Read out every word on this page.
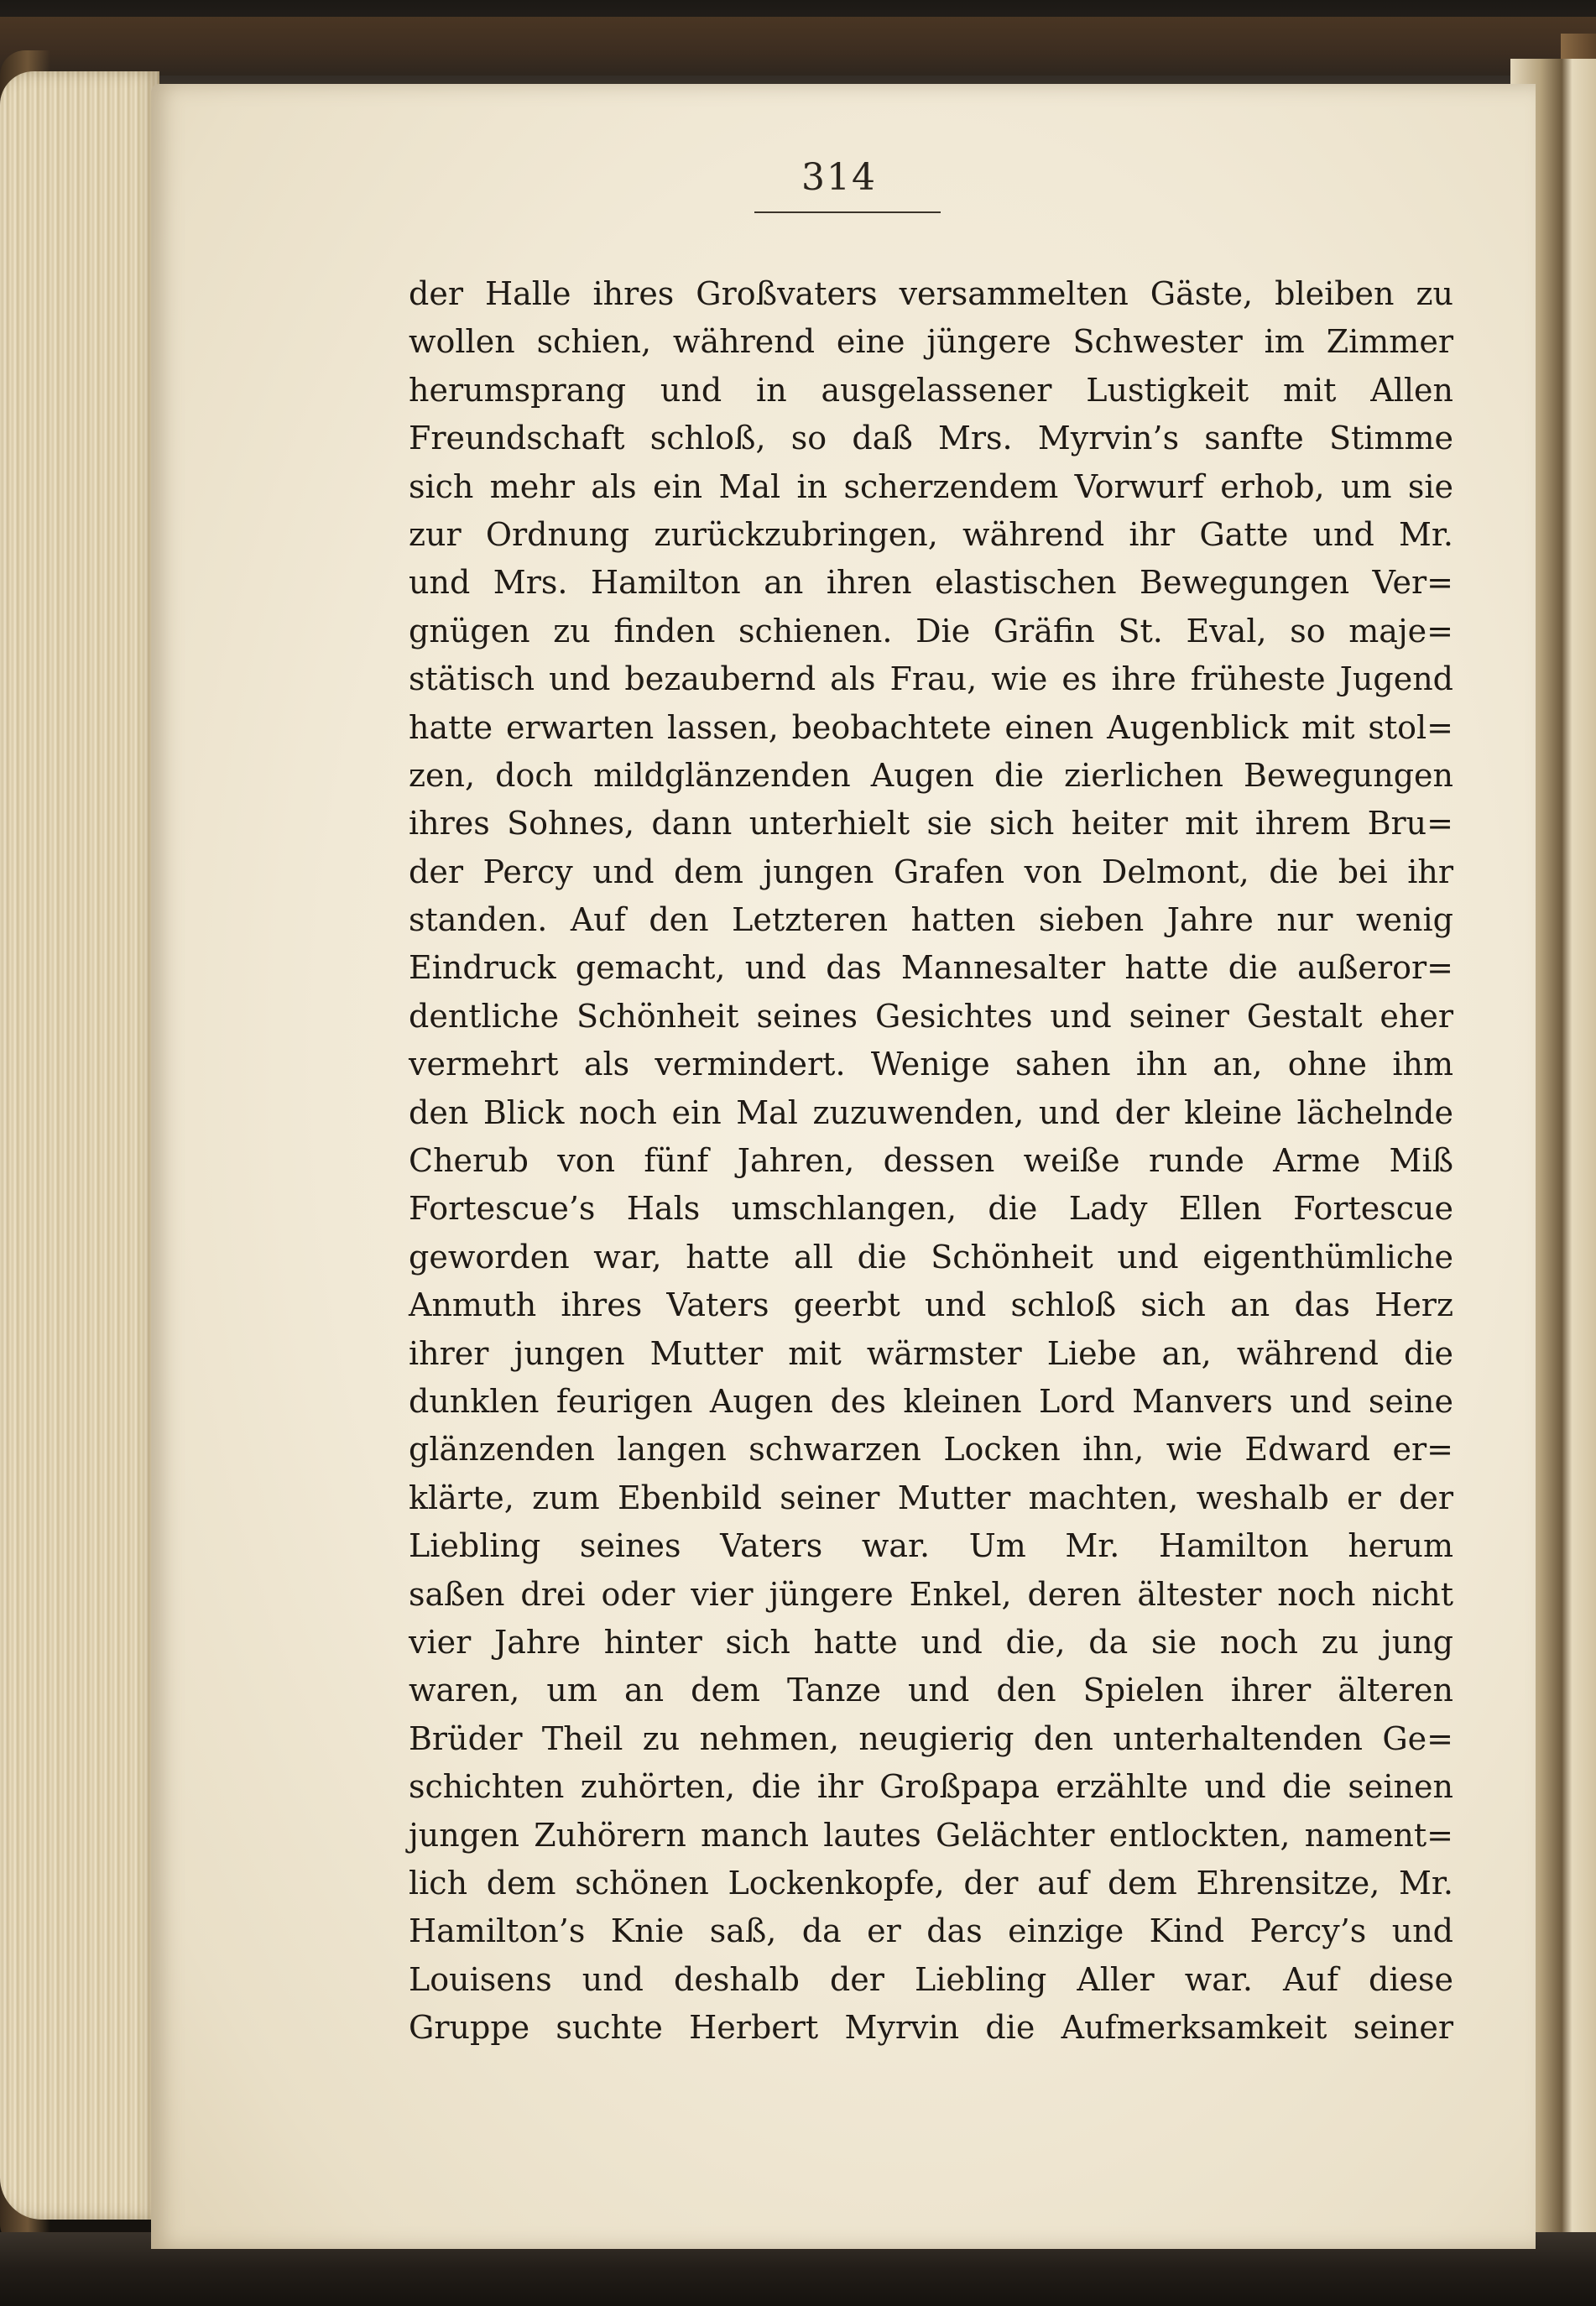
314
der Halle ihres Großvaters versammelten Gäste, bleiben zu
wollen schien, während eine jüngere Schwester im Zimmer
herumsprang und in ausgelassener Lustigkeit mit Allen
Freundschaft schloß, so daß Mrs. Myrvin’s sanfte Stimme
sich mehr als ein Mal in scherzendem Vorwurf erhob, um sie
zur Ordnung zurückzubringen, während ihr Gatte und Mr.
und Mrs. Hamilton an ihren elastischen Bewegungen Ver=
gnügen zu finden schienen. Die Gräfin St. Eval, so maje=
stätisch und bezaubernd als Frau, wie es ihre früheste Jugend
hatte erwarten lassen, beobachtete einen Augenblick mit stol=
zen, doch mildglänzenden Augen die zierlichen Bewegungen
ihres Sohnes, dann unterhielt sie sich heiter mit ihrem Bru=
der Percy und dem jungen Grafen von Delmont, die bei ihr
standen. Auf den Letzteren hatten sieben Jahre nur wenig
Eindruck gemacht, und das Mannesalter hatte die außeror=
dentliche Schönheit seines Gesichtes und seiner Gestalt eher
vermehrt als vermindert. Wenige sahen ihn an, ohne ihm
den Blick noch ein Mal zuzuwenden, und der kleine lächelnde
Cherub von fünf Jahren, dessen weiße runde Arme Miß
Fortescue’s Hals umschlangen, die Lady Ellen Fortescue
geworden war, hatte all die Schönheit und eigenthümliche
Anmuth ihres Vaters geerbt und schloß sich an das Herz
ihrer jungen Mutter mit wärmster Liebe an, während die
dunklen feurigen Augen des kleinen Lord Manvers und seine
glänzenden langen schwarzen Locken ihn, wie Edward er=
klärte, zum Ebenbild seiner Mutter machten, weshalb er der
Liebling seines Vaters war. Um Mr. Hamilton herum
saßen drei oder vier jüngere Enkel, deren ältester noch nicht
vier Jahre hinter sich hatte und die, da sie noch zu jung
waren, um an dem Tanze und den Spielen ihrer älteren
Brüder Theil zu nehmen, neugierig den unterhaltenden Ge=
schichten zuhörten, die ihr Großpapa erzählte und die seinen
jungen Zuhörern manch lautes Gelächter entlockten, nament=
lich dem schönen Lockenkopfe, der auf dem Ehrensitze, Mr.
Hamilton’s Knie saß, da er das einzige Kind Percy’s und
Louisens und deshalb der Liebling Aller war. Auf diese
Gruppe suchte Herbert Myrvin die Aufmerksamkeit seiner
